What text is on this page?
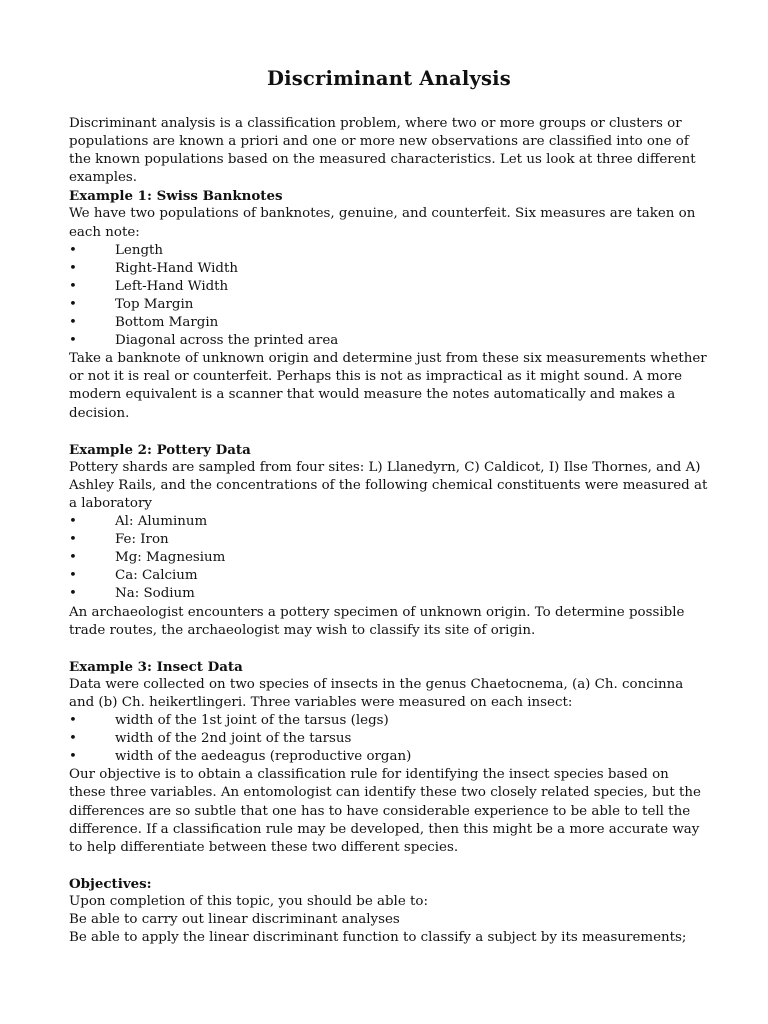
Discriminant Analysis

Discriminant analysis is a classification problem, where two or more groups or clusters or populations are known a priori and one or more new observations are classified into one of the known populations based on the measured characteristics. Let us look at three different examples.

Example 1: Swiss Banknotes

We have two populations of banknotes, genuine, and counterfeit. Six measures are taken on each note:

•	Length
•	Right-Hand Width
•	Left-Hand Width
•	Top Margin
•	Bottom Margin
•	Diagonal across the printed area

Take a banknote of unknown origin and determine just from these six measurements whether or not it is real or counterfeit. Perhaps this is not as impractical as it might sound. A more modern equivalent is a scanner that would measure the notes automatically and makes a decision.

Example 2: Pottery Data

Pottery shards are sampled from four sites: L) Llanedyrn, C) Caldicot, I) Ilse Thornes, and A) Ashley Rails, and the concentrations of the following chemical constituents were measured at a laboratory

•	Al: Aluminum
•	Fe: Iron
•	Mg: Magnesium
•	Ca: Calcium
•	Na: Sodium

An archaeologist encounters a pottery specimen of unknown origin. To determine possible trade routes, the archaeologist may wish to classify its site of origin.

Example 3: Insect Data

Data were collected on two species of insects in the genus Chaetocnema, (a) Ch. concinna and (b) Ch. heikertlingeri. Three variables were measured on each insect:

•	width of the 1st joint of the tarsus (legs)
•	width of the 2nd joint of the tarsus
•	width of the aedeagus (reproductive organ)

Our objective is to obtain a classification rule for identifying the insect species based on these three variables. An entomologist can identify these two closely related species, but the differences are so subtle that one has to have considerable experience to be able to tell the difference. If a classification rule may be developed, then this might be a more accurate way to help differentiate between these two different species.

Objectives:

Upon completion of this topic, you should be able to:

Be able to carry out linear discriminant analyses

Be able to apply the linear discriminant function to classify a subject by its measurements;
